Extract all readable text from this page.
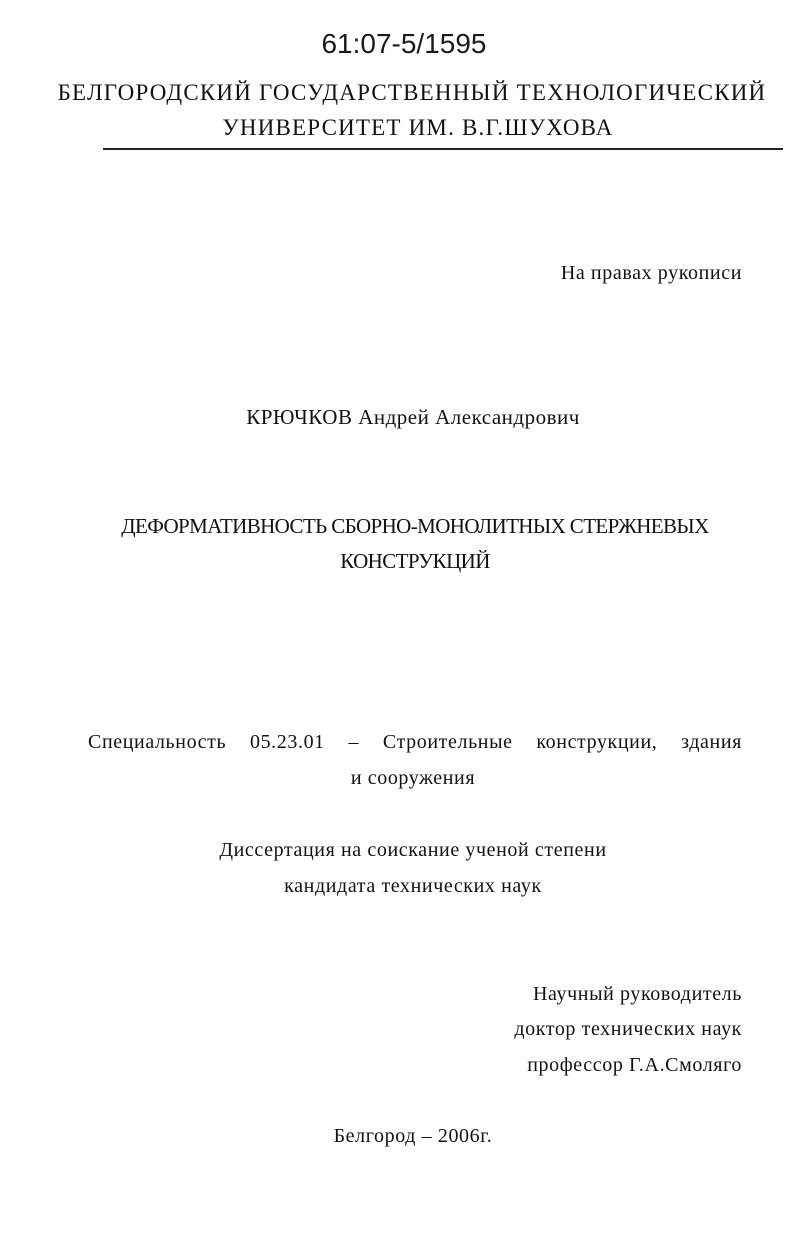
61:07-5/1595
БЕЛГОРОДСКИЙ ГОСУДАРСТВЕННЫЙ ТЕХНОЛОГИЧЕСКИЙ
УНИВЕРСИТЕТ ИМ. В.Г.ШУХОВА
На правах рукописи
КРЮЧКОВ Андрей Александрович
ДЕФОРМАТИВНОСТЬ СБОРНО-МОНОЛИТНЫХ СТЕРЖНЕВЫХ
КОНСТРУКЦИЙ
Специальность 05.23.01 – Строительные конструкции, здания
и сооружения
Диссертация на соискание ученой степени
кандидата технических наук
Научный руководитель
доктор технических наук
профессор Г.А.Смоляго
Белгород – 2006г.
